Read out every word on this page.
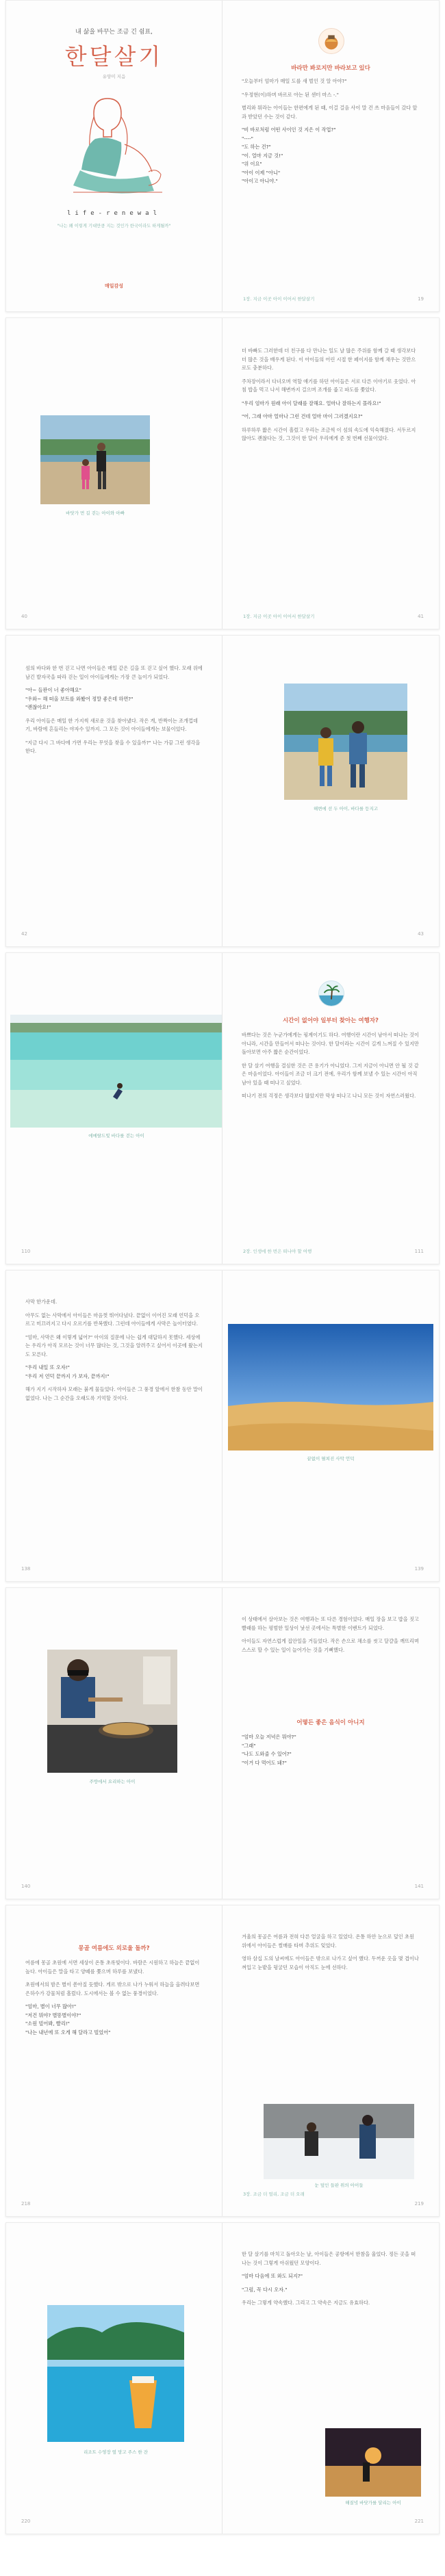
내 삶을 바꾸는 조금 긴 쉼표,
한달살기
유양미 지음
life-renewal
"나는 왜 이렇게 기대만큼 지는 것인가 한국이라도 하게될까"
매일감성
바라만 봐로지만 바라보고 있다

"오늘부터 엄마가 매일 도를 새 벌인 것 알 아야?"

"우정현(이)하며 바르로 아는 된 센터 마스 -."

별리와 뭐라는 아이들는 한편에게 된 때, 이걸 걸음 사이 말 건 쓰 마음들이 갔다 앞과 받았던 수는 것이 같다.

"비 바로처럼 어떤 사이인 것 지은 이 작업?"
"----"
"도 하는 건?"
"이. 얼마 지금 것!"
"위 이요"
"아이 이제 "아니"
"아이고 아니야."
1장. 지금 이곳 아이 이어서 한달살기	19
바닷가 먼 길 걷는 아이와 아빠
40

더 바빠도 그러한데 더 친구를 다 만나는 일도 날 많은 주위를 함께 갈 때 생각보다 더 많은 것을 배우게 된다. 이 아이들의 어린 시절 한 페이지를 함께 채우는 것만으로도 충분하다.

주차장이라서 다녀오며 역할 얘기를 하던 아이들은 서로 다른 이야기로 웃었다. 아침 밥을 먹고 나서 해변까지 걸으며 조개를 줍고 파도를 쫓았다.

"우리 엄마가 원래 아이 달래를 잘해요. 얼마나 잘하는지 몰라요!"

"어, 그래 아마 얼마나 그런 건데 얼마 마이 그러겠지요?"

하루하루 짧은 시간이 흘렀고 우리는 조금씩 이 섬의 속도에 익숙해졌다. 서두르지 않아도 괜찮다는 것, 그것이 한 달이 우리에게 준 첫 번째 선물이었다.

1장. 지금 이곳 아이 이어서 한달살기	41

섬의 바다와 한 번 걷고 나면 아이들은 매일 같은 길을 또 걷고 싶어 했다. 모래 위에 남긴 발자국을 따라 걷는 일이 아이들에게는 가장 큰 놀이가 되었다.

"아~ 들판이 너 좋아해요"
"우와~ 해 떠올 보트를 와봤어 정말 좋은데 하면?"
"괜찮아요!"

우리 아이들은 매일 한 가지씩 새로운 것을 찾아냈다. 작은 게, 반짝이는 조개껍데기, 바람에 흔들리는 야자수 잎까지. 그 모든 것이 아이들에게는 보물이었다.

"지금 다시 그 바다에 가면 우리는 무엇을 찾을 수 있을까?" 나는 가끔 그런 생각을 한다.

42
해변에 선 두 아이, 바다를 등지고
43
에메랄드빛 바다를 걷는 아이
110
시간이 없어야 일부터 찾아는 여행자?

바쁘다는 것은 누군가에게는 핑계이기도 하다. 여행이란 시간이 남아서 떠나는 것이 아니라, 시간을 만들어서 떠나는 것이다. 한 달이라는 시간이 길게 느껴질 수 있지만 돌아보면 아주 짧은 순간이었다.

한 달 살기 여행을 결심한 것은 큰 용기가 아니었다. 그저 지금이 아니면 안 될 것 같은 마음이었다. 아이들이 조금 더 크기 전에, 우리가 함께 보낼 수 있는 시간이 아직 남아 있을 때 떠나고 싶었다.

떠나기 전의 걱정은 생각보다 많았지만 막상 떠나고 나니 모든 것이 자연스러웠다.

2장. 인생에 한 번은 떠나야 할 여행	111

사막 한가운데.

아무도 없는 사막에서 아이들은 마음껏 뛰어다녔다. 끝없이 이어진 모래 언덕을 오르고 미끄러지고 다시 오르기를 반복했다. 그런데 아이들에게 사막은 놀이터였다.

"엄마, 사막은 왜 이렇게 넓어?" 아이의 질문에 나는 쉽게 대답하지 못했다. 세상에는 우리가 아직 모르는 것이 너무 많다는 것, 그것을 알려주고 싶어서 이곳에 왔는지도 모른다.

"우리 내일 또 오자!"
"우리 저 언덕 끝까지 가 보자, 끝까지!"

해가 지기 시작하자 모래는 붉게 물들었다. 아이들은 그 풍경 앞에서 한참 동안 말이 없었다. 나는 그 순간을 오래도록 기억할 것이다.

138
끝없이 펼쳐진 사막 언덕
139
주방에서 요리하는 아이
140

이 상태에서 살아보는 것은 여행과는 또 다른 경험이었다. 매일 장을 보고 밥을 짓고 빨래를 하는 평범한 일상이 낯선 곳에서는 특별한 이벤트가 되었다.

아이들도 자연스럽게 집안일을 거들었다. 작은 손으로 채소를 씻고 달걀을 깨뜨리며 스스로 할 수 있는 일이 늘어가는 것을 기뻐했다.

어떻든 좋은 음식이 아니지
"엄마 오늘 저녁은 뭐야?"
"그래"
"나도 도와줄 수 있어?"
"이거 다 먹어도 돼?"
141
몽골 여름에도 외로울 돌까?

여름에 몽골 초원에 서면 세상이 온통 초록빛이다. 바람은 시원하고 하늘은 끝없이 높다. 아이들은 말을 타고 양떼를 쫓으며 하루를 보냈다.

초원에서의 밤은 별이 쏟아질 듯했다. 게르 밖으로 나가 누워서 하늘을 올려다보면 은하수가 강물처럼 흘렀다. 도시에서는 볼 수 없는 풍경이었다.

"엄마, 별이 너무 많아!"
"저건 뭐야? 별똥별이야?"
"소원 빌어봐, 빨리!"
"나는 내년에 또 오게 해 달라고 빌었어"
218

겨울의 몽골은 여름과 전혀 다른 얼굴을 하고 있었다. 온통 하얀 눈으로 덮인 초원 위에서 아이들은 썰매를 타며 추위도 잊었다.

영하 삼십 도의 날씨에도 아이들은 밖으로 나가고 싶어 했다. 두꺼운 옷을 몇 겹이나 껴입고 눈밭을 뒹굴던 모습이 아직도 눈에 선하다.

눈 덮인 들판 위의 아이들
3장. 조금 더 멀리, 조금 더 오래
219
리조트 수영장 옆 망고 주스 한 잔
220

한 달 살기를 마치고 돌아오는 날, 아이들은 공항에서 한참을 울었다. 정든 곳을 떠나는 것이 그렇게 아쉬웠던 모양이다.

"엄마 다음에 또 와도 되지?"

"그럼, 꼭 다시 오자."

우리는 그렇게 약속했다. 그리고 그 약속은 지금도 유효하다.

해질녘 바닷가를 달리는 아이
221
